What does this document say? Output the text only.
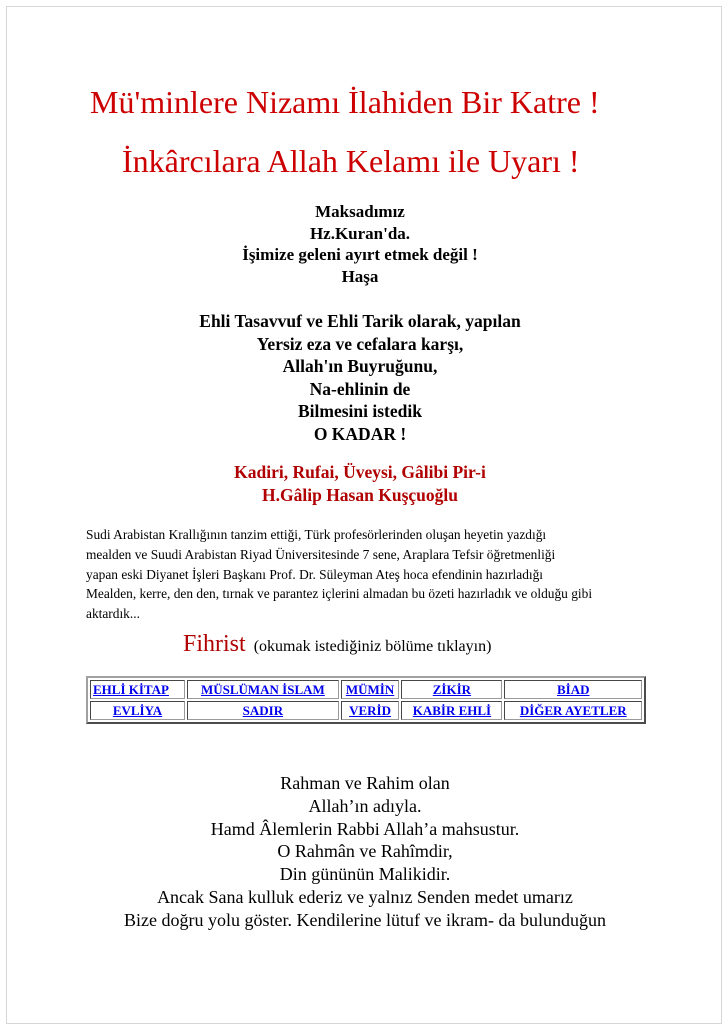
Mü'minlere Nizamı İlahiden Bir Katre !
İnkârcılara Allah Kelamı ile Uyarı !
Maksadımız
Hz.Kuran'da.
İşimize geleni ayırt etmek değil !
Haşa
Ehli Tasavvuf ve Ehli Tarik olarak, yapılan
Yersiz eza ve cefalara karşı,
Allah'ın Buyruğunu,
Na-ehlinin de
Bilmesini istedik
O KADAR !
Kadiri, Rufai, Üveysi, Gâlibi Pir-i
H.Gâlip Hasan Kuşçuoğlu
Sudi Arabistan Krallığının tanzim ettiği, Türk profesörlerinden oluşan heyetin yazdığı
mealden ve Suudi Arabistan Riyad Üniversitesinde 7 sene, Araplara Tefsir öğretmenliği
yapan eski Diyanet İşleri Başkanı Prof. Dr. Süleyman Ateş hoca efendinin hazırladığı
Mealden, kerre, den den, tırnak ve parantez içlerini almadan bu özeti hazırladık ve olduğu gibi
aktardık...
Fihrist (okumak istediğiniz bölüme tıklayın)
EHLİ KİTAP	MÜSLÜMAN İSLAM	MÜMİN	ZİKİR	BİAD
EVLİYA	SADIR	VERİD	KABİR EHLİ	DİĞER AYETLER
Rahman ve Rahim olan
Allah’ın adıyla.
Hamd Âlemlerin Rabbi Allah’a mahsustur.
O Rahmân ve Rahîmdir,
Din gününün Malikidir.
Ancak Sana kulluk ederiz ve yalnız Senden medet umarız
Bize doğru yolu göster. Kendilerine lütuf ve ikram- da bulunduğun
